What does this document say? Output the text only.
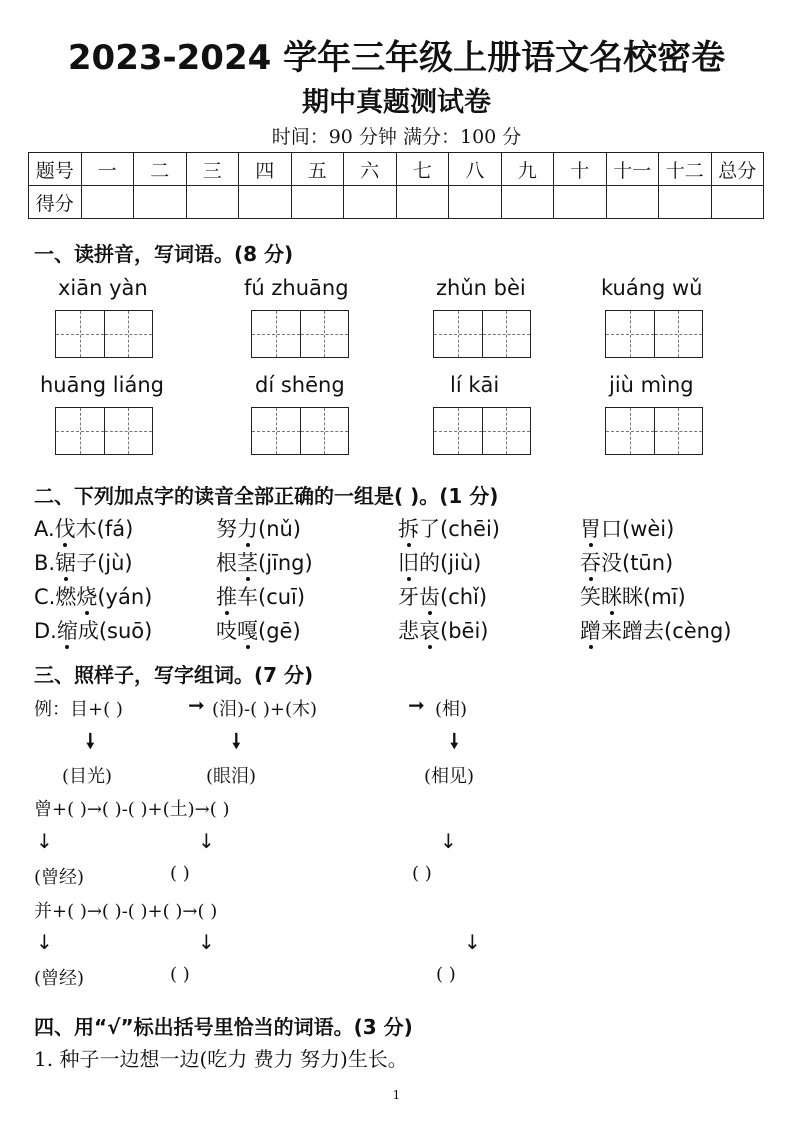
2023-2024 学年三年级上册语文名校密卷
期中真题测试卷
时间：90 分钟 满分：100 分
题号	一	二	三	四	五	六	七	八	九	十	十一	十二	总分
得分													
一、读拼音，写词语。(8 分)
xiān yàn	fú zhuāng	zhǔn bèi	kuáng wǔ
huāng liáng	dí shēng	lí kāi	jiù mìng
二、下列加点字的读音全部正确的一组是( )。(1 分)
A.伐木(fá)	努力(nǔ)	拆了(chēi)	胃口(wèi)
B.锯子(jù)	根茎(jīng)	旧的(jiù)	吞没(tūn)
C.燃烧(yán)	推车(cuī)	牙齿(chǐ)	笑眯眯(mī)
D.缩成(suō)	吱嘎(gē)	悲哀(bēi)	蹭来蹭去(cèng)
三、照样子，写字组词。(7 分)
例：目+( )	➞ (泪)-( )+(木)	➞ (相)
🠗	🠗	🠗
(目光)	(眼泪)	(相见)
曾+( )→( )-( )+(土)→( )
↓	↓	↓
(曾经)	( )	( )
并+( )→( )-( )+( )→( )
↓	↓	↓
(曾经)	( )	( )
四、用“√”标出括号里恰当的词语。(3 分)
1. 种子一边想一边(吃力 费力 努力)生长。
1
